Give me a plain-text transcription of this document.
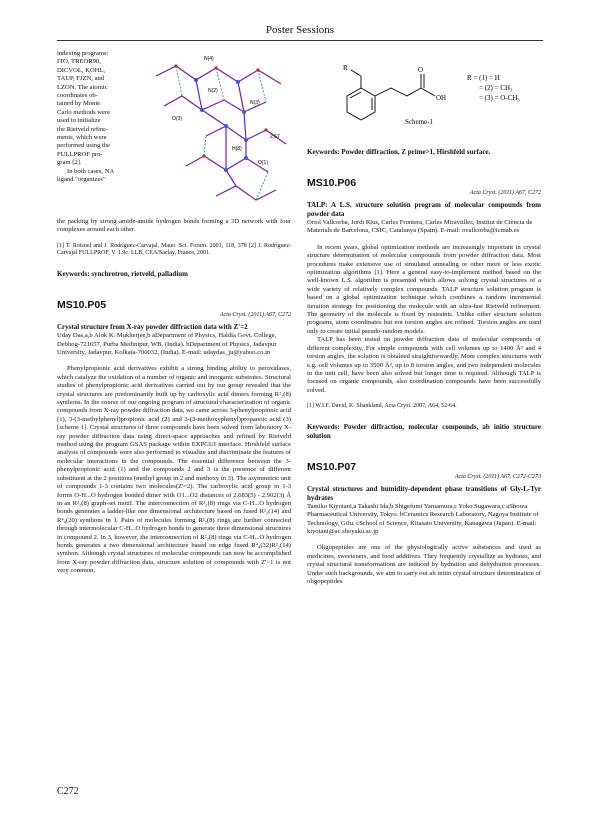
Poster Sessions
N(4)
N(2)
O(3)
N(3)
H(8)
O(1)
2.67
indexing programs:
ITO, TREOR90,
DICVOL, KOHL,
TAUP, FJZN, and
LZON. The atomic
coordinates ob-
tained by Monte
Carlo methods were
used to initialize
the Rietveld refine-
ments, which were
performed using the
FULLPROF pro-
gram [2].
In both cases, NA
ligand "organizes"

the packing by strong amide-amide hydrogen bonds forming a 3D network with four complexes around each other.

[1] T. Roisnel and J. Rodríguez-Carvajal, Mater. Sci. Forum. 2001, 118, 378 [2] J. Rodríguez-Carvajal FULLPROF, V. 1.9c. LLB, CEA/Saclay, France, 2001.

Keywords: synchrotron, rietveld, palladium

MS10.P05
Acta Cryst. (2011) A67, C272

Crystal structure from X-ray powder diffraction data with Z'=2

Uday Das,a,b Alok K. Mukherjee,b aDepartment of Physics, Haldia Govt. College, Debhog-721657, Purba Medinipur, WB, (India). bDepartment of Physics, Jadavpur University, Jadavpur, Kolkata-700032, (India). E-mail: udaydas_ju@yahoo.co.in

Phenylpropionic acid derivatives exhibit a strong binding ability to peroxidases, which catalyze the oxidation of a number of organic and inorganic substrates. Structural studies of phenylpropionic acid derivatives carried out by our group revealed that the crystal structures are predominantly built up by carboxylic acid dimers forming R²₂(8) synthons. In the course of our ongoing program of structural characterization of organic compounds from X-ray powder diffraction data, we came across 3-phenylpropionic acid (1), 3-(3-methylphenyl)propionic acid (2) and 3-(3-methoxyphenyl)propanoic acid (3) [scheme 1]. Crystal structures of three compounds have been solved from laboratory X-ray powder diffraction data using direct-space approaches and refined by Rietveld method using the program GSAS package within EXPGUI interface. Hirshfeld surface analysis of compounds were also performed to visualize and discriminate the features of molecular interactions in the compounds. The essential difference between the 3-phenylpropionic acid (1) and the compounds 2 and 3 is the presence of different substituent at the 2 positions (methyl group in 2 and methoxy in 3). The asymmetric unit of compounds 1-3 contains two molecules(Z'=2). The carboxylic acid group in 1-3 forms O-H...O hydrogen bonded dimer with O1...O2 distances of 2.683(5) - 2.902(3) Å in an R²₂(8) graph-set motif. The interconnection of R²₂(8) rings via C-H...O hydrogen bonds generates a ladder-like one dimensional architecture based on fused R²₂(14) and R⁴₄(20) synthons in 1. Pairs of molecules forming R²₂(8) rings are further connected through intermolecular C-H...O hydrogen bonds to generate three dimensional structures in compound 2. In 3, however, the interconnection of R²₂(8) rings via C-H...O hydrogen bonds generates a two dimensional architecture based on edge fused R⁴₄(32)R²₂(14) synthon. Although crystal structures of molecular compounds can now be accomplished from X-ray powder diffraction data, structure solution of compounds with Z'>1 is not very common.

R	O
OH
Scheme-1
R = (1) = H
= (2) = CH₃
= (3) = O-CH₃

Keywords: Powder diffraction, Z prime>1, Hirshfeld surface.

MS10.P06
Acta Cryst. (2011) A67, C272

TALP: A L.S. structure solution program of molecular compounds from powder data

Oriol Vallcorba, Jordi Rius, Carles Frontera, Carles Miravitlles, Institut de Ciència de Materials de Barcelona, CSIC, Catalunya (Spain). E-mail: ovallcorba@icmab.es

In recent years, global optimization methods are increasingly important in crystal structure determination of molecular compounds from powder diffraction data. Most procedures make extensive use of simulated annealing or other more or less exotic optimization algorithms [1]. Here a general easy-to-implement method based on the well-known L.S. algorithm is presented which allows solving crystal structures of a wide variety of relatively complex compounds. TALP structure solution program is based on a global optimization technique which combines a random incremental iteration strategy for positioning the molecule with an ultra-fast Rietveld refinement. The geometry of the molecule is fixed by restraints. Unlike other structure solution programs, atom coordinates but not torsion angles are refined. Torsion angles are used only to create initial pseudo-random models.

TALP has been tested on powder diffraction data of molecular compounds of different complexity. For simple compounds with cell volumes up to 1400 Å³ and 4 torsion angles, the solution is obtained straightforwardly. More complex structures with e.g. cell volumes up to 3500 Å³, up to 8 torsion angles, and two independent molecules in the unit cell, have been also solved but longer time is required. Although TALP is focused on organic compounds, also coordination compounds have been successfully solved.

[1] W.I.F. David, K. Shankland, Acta Cryst. 2007, A64, 52-64.

Keywords: Powder diffraction, molecular compounds, ab initio structure solution

MS10.P07
Acta Cryst. (2011) A67, C272-C273

Crystal structures and humidity-dependent phase transitions of Gly-L-Tyr hydrates

Tamiko Kiyotani,a Takashi Ida,b Shigefumi Yamamura,c Yoko Sugawara,c aShowa Pharmaceutical University, Tokyo. bCeramics Research Laboratory, Nagoya Institute of Technology, Gifu. cSchool of Science, Kitasato University, Kanagawa (Japan). E-mail: kiyotani@ac.shoyaku.ac.jp

Oligopeptides are one of the physiologically active substances and used as medicines, sweeteners, and food additives. They frequently crystallize as hydrates, and crystal structural transformations are induced by hydration and dehydration processes. Under such backgrounds, we aim to carry out ab initio crystal structure determination of oligopeptides

C272
